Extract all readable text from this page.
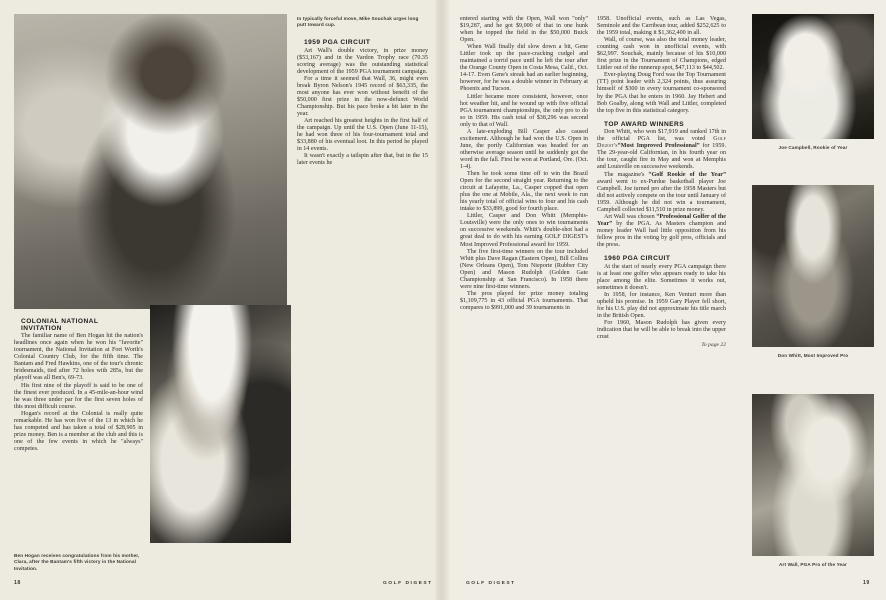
In typically forceful move, Mike Souchak urges long putt toward cup.
Ben Hogan receives congratulations from his mother, Clara, after the Bantam's fifth victory in the National Invitation.
Joe Campbell, Rookie of Year
Don Whitt, Most Improved Pro
Art Wall, PGA Pro of the Year

COLONIAL NATIONAL

INVITATION

The familiar name of Ben Hogan hit the nation's headlines once again when he won his "favorite" tournament, the National Invitation at Fort Worth's Colonial Country Club, for the fifth time. The Bantam and Fred Hawkins, one of the tour's chronic bridesmaids, tied after 72 holes with 285s, but the playoff was all Ben's, 69-73.

His first nine of the playoff is said to be one of the finest ever produced. In a 45-mile-an-hour wind he was three under par for the first seven holes of this most difficult course.

Hogan's record at the Colonial is really quite remarkable. He has won five of the 13 in which he has competed and has taken a total of $28,905 in prize money. Ben is a member at the club and this is one of the few events in which he "always" competes.

1959 PGA CIRCUIT

Art Wall's double victory, in prize money ($53,167) and in the Vardon Trophy race (70.35 scoring average) was the outstanding statistical development of the 1959 PGA tournament campaign.

For a time it seemed that Wall, 36, might even break Byron Nelson's 1945 record of $63,335, the most anyone has ever won without benefit of the $50,000 first prize in the now-defunct World Championship. But his pace broke a bit later in the year.

Art reached his greatest heights in the first half of the campaign. Up until the U.S. Open (June 11-15), he had won three of his four-tournament total and $33,880 of his eventual loot. In this period he played in 14 events.

It wasn't exactly a tailspin after that, but in the 15 later events he

entered starting with the Open, Wall won "only" $19,287, and he got $9,000 of that in one hunk when he topped the field in the $50,000 Buick Open.

When Wall finally did slow down a bit, Gene Littler took up the pace-cracking cudgel and maintained a torrid pace until he left the tour after the Orange County Open in Costa Mesa, Calif., Oct. 14-17. Even Gene's streak had an earlier beginning, however, for he was a double winner in February at Phoenix and Tucson.

Littler became more consistent, however, once hot weather hit, and he wound up with five official PGA tournament championships, the only pro to do so in 1959. His cash total of $38,296 was second only to that of Wall.

A late-exploding Bill Casper also caused excitement. Although he had won the U.S. Open in June, the portly Californian was headed for an otherwise average season until he suddenly got the word in the fall. First he won at Portland, Ore. (Oct. 1-4).

Then he took some time off to win the Brazil Open for the second straight year. Returning to the circuit at Lafayette, La., Casper copped that open plus the one at Mobile, Ala., the next week to run his yearly total of official wins to four and his cash intake to $33,899, good for fourth place.

Littler, Casper and Don Whitt (Memphis-Louisville) were the only ones to win tournaments on successive weekends. Whitt's double-shot had a great deal to do with his earning GOLF DIGEST's Most Improved Professional award for 1959.

The five first-time winners on the tour included Whitt plus Dave Ragan (Eastern Open), Bill Collins (New Orleans Open), Tom Nieporte (Rubber City Open) and Mason Rudolph (Golden Gate Championship at San Francisco). In 1958 there were nine first-time winners.

The pros played for prize money totaling $1,109,775 in 43 official PGA tournaments. That compares to $991,000 and 39 tournaments in

1958. Unofficial events, such as Las Vegas, Seminole and the Carribean tour, added $252,625 to the 1959 total, making it $1,362,400 in all.

Wall, of course, was also the total money leader, counting cash won in unofficial events, with $62,997. Souchak, mainly because of his $10,000 first prize in the Tournament of Champions, edged Littler out of the runnerup spot, $47,113 to $44,502.

Ever-playing Doug Ford was the Top Tournament (TT) point leader with 2,324 points, thus assuring himself of $300 in every tournament co-sponsored by the PGA that he enters in 1960. Jay Hebert and Bob Goalby, along with Wall and Littler, completed the top five in this statistical category.

TOP AWARD WINNERS

Don Whitt, who won $17,919 and ranked 17th in the official PGA list, was voted Golf Digest's“Most Improved Professional” for 1959. The 29-year-old Californian, in his fourth year on the tour, caught fire in May and won at Memphis and Louisville on successive weekends.

The magazine's “Golf Rookie of the Year” award went to ex-Purdue basketball player Joe Campbell. Joe turned pro after the 1958 Masters but did not actively compete on the tour until January of 1959. Although he did not win a tournament, Campbell collected $11,510 in prize money.

Art Wall was chosen “Professional Golfer of the Year” by the PGA. As Masters champion and money leader Wall had little opposition from his fellow pros in the voting by golf pros, officials and the press.

1960 PGA CIRCUIT

At the start of nearly every PGA campaign there is at least one golfer who appears ready to take his place among the elite. Sometimes it works out, sometimes it doesn't.

In 1958, for instance, Ken Venturi more than upheld his promise. In 1959 Gary Player fell short, for his U.S. play did not approximate his title march in the British Open.

For 1960, Mason Rudolph has given every indication that he will be able to break into the upper crust

To page 22
18	19
GOLF DIGEST	GOLF DIGEST
